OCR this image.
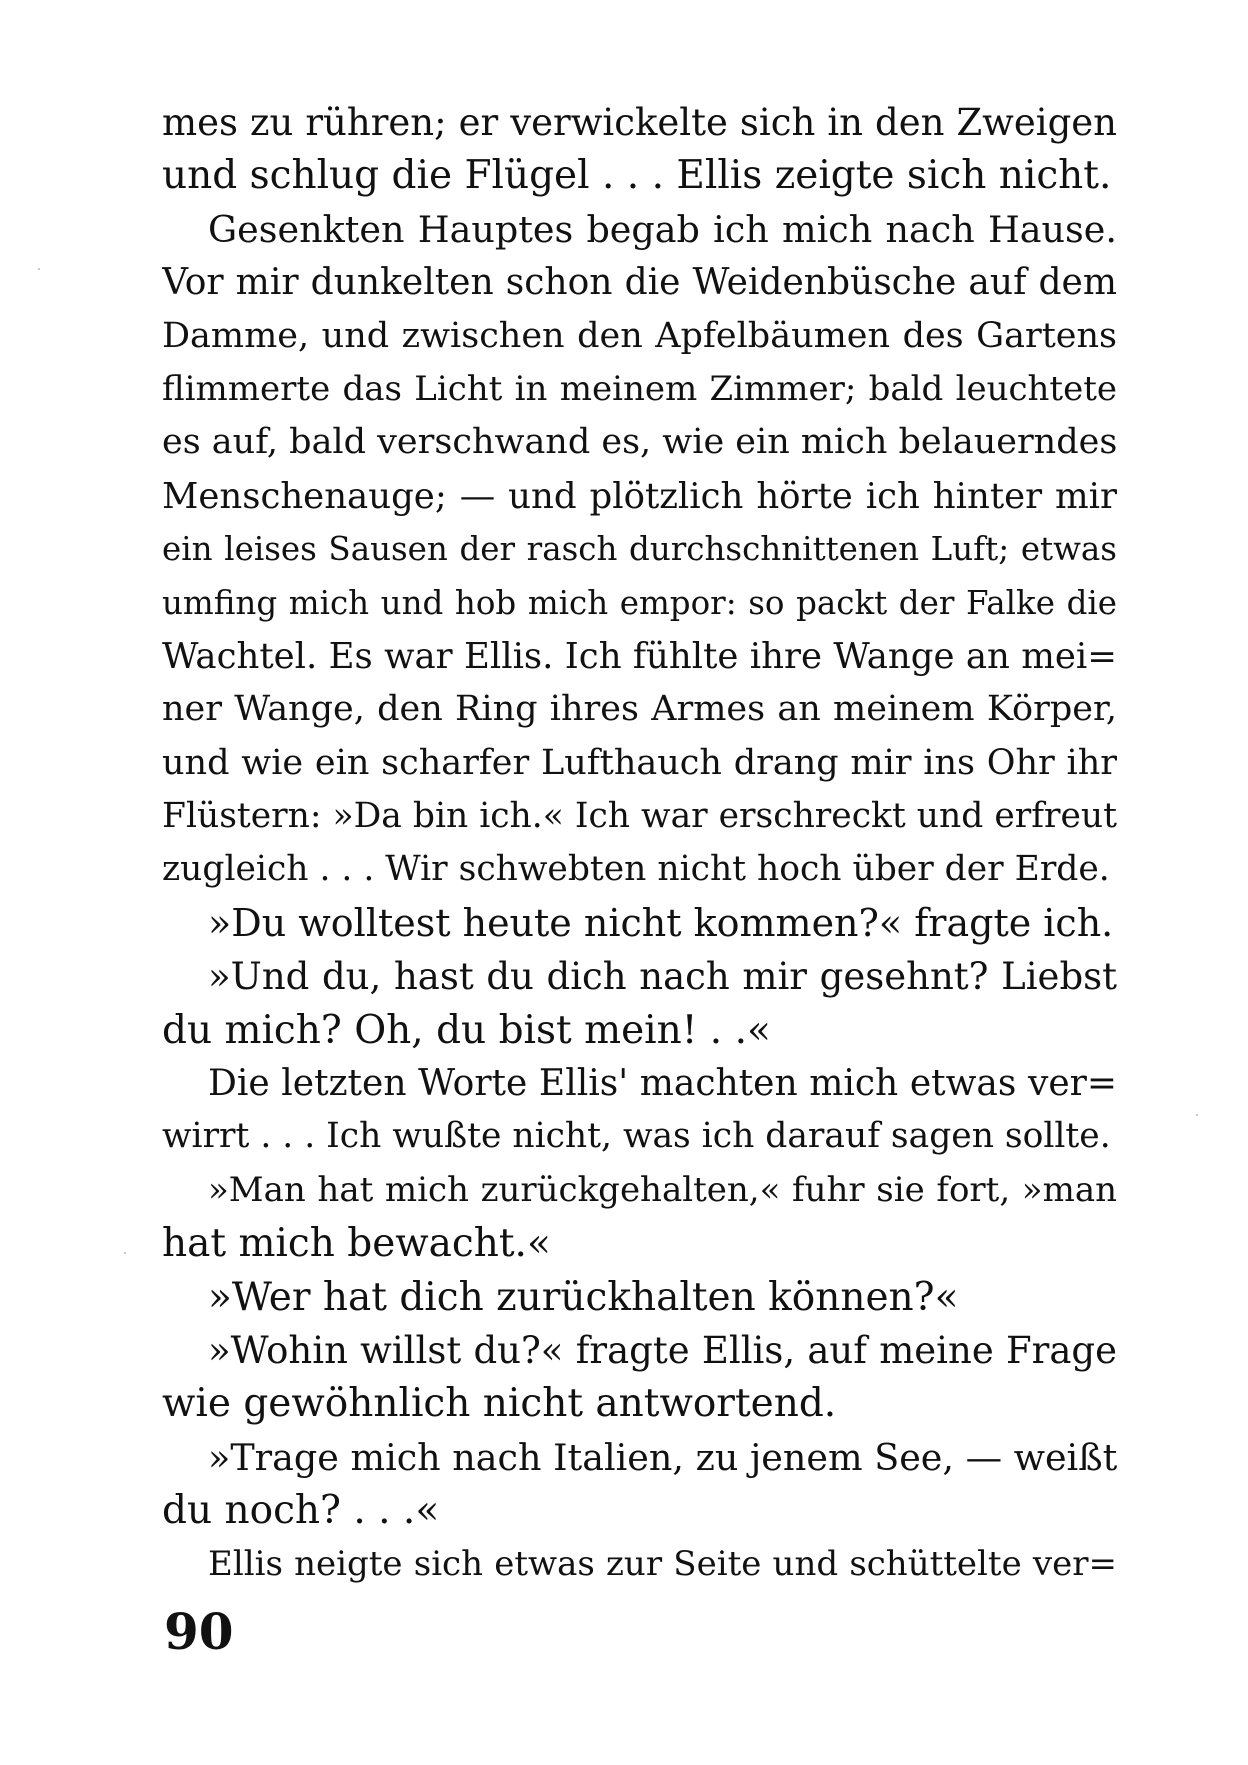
mes zu rühren; er verwickelte sich in den Zweigen
und schlug die Flügel . . . Ellis zeigte sich nicht.
Gesenkten Hauptes begab ich mich nach Hause.
Vor mir dunkelten schon die Weidenbüsche auf dem
Damme, und zwischen den Apfelbäumen des Gartens
flimmerte das Licht in meinem Zimmer; bald leuchtete
es auf, bald verschwand es, wie ein mich belauerndes
Menschenauge; — und plötzlich hörte ich hinter mir
ein leises Sausen der rasch durchschnittenen Luft; etwas
umfing mich und hob mich empor: so packt der Falke die
Wachtel. Es war Ellis. Ich fühlte ihre Wange an mei=
ner Wange, den Ring ihres Armes an meinem Körper,
und wie ein scharfer Lufthauch drang mir ins Ohr ihr
Flüstern: »Da bin ich.« Ich war erschreckt und erfreut
zugleich . . . Wir schwebten nicht hoch über der Erde.
»Du wolltest heute nicht kommen?« fragte ich.
»Und du, hast du dich nach mir gesehnt? Liebst
du mich? Oh, du bist mein! . .«
Die letzten Worte Ellis' machten mich etwas ver=
wirrt . . . Ich wußte nicht, was ich darauf sagen sollte.
»Man hat mich zurückgehalten,« fuhr sie fort, »man
hat mich bewacht.«
»Wer hat dich zurückhalten können?«
»Wohin willst du?« fragte Ellis, auf meine Frage
wie gewöhnlich nicht antwortend.
»Trage mich nach Italien, zu jenem See, — weißt
du noch? . . .«
Ellis neigte sich etwas zur Seite und schüttelte ver=
90
